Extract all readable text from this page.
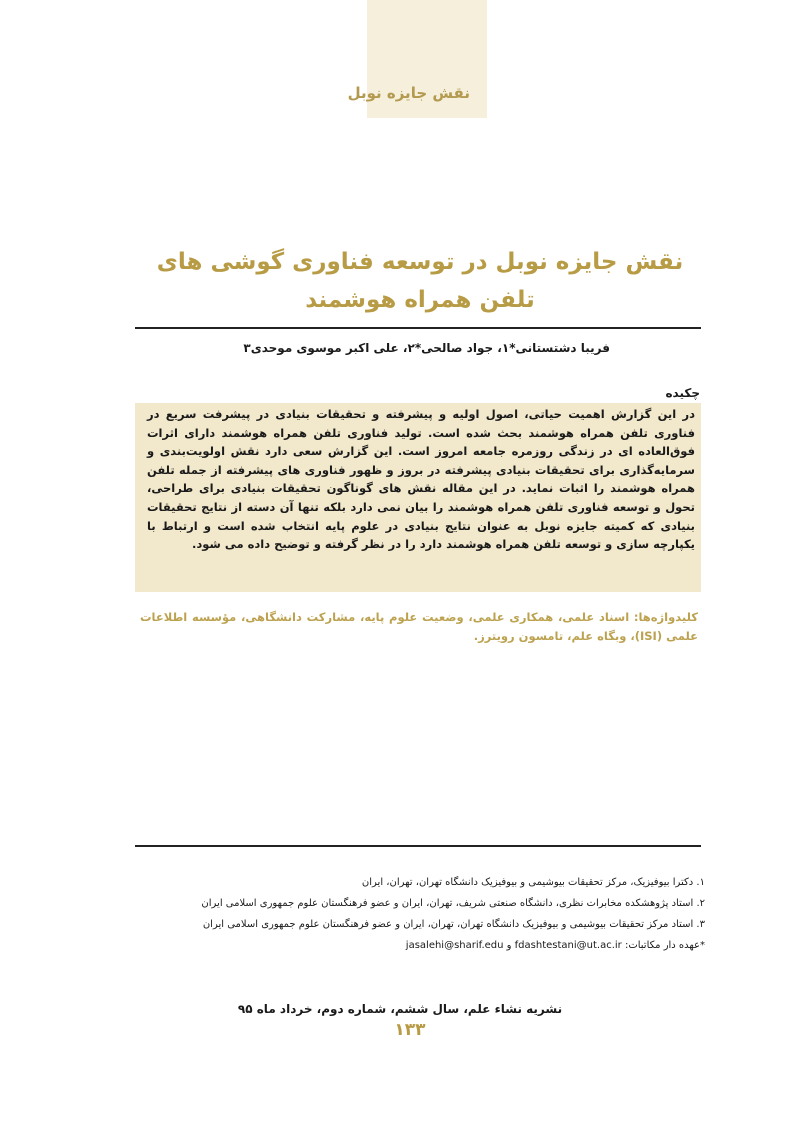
نقش جایزه نوبل
نقش جایزه نوبل در توسعه فناوری گوشی های
تلفن همراه هوشمند
فریبا دشتستانی*۱، جواد صالحی*۲، علی اکبر موسوی موحدی۳
چکیده
در این گزارش اهمیت حیاتی، اصول اولیه و پیشرفته و تحقیقات بنیادی در پیشرفت سریع در فناوری تلفن همراه هوشمند بحث شده است. تولید فناوری تلفن همراه هوشمند دارای اثرات فوق‌العاده ای در زندگی روزمره جامعه امروز است. این گزارش سعی دارد نقش اولویت‌بندی و سرمایه‌گذاری برای تحقیقات بنیادی پیشرفته در بروز و ظهور فناوری های پیشرفته از جمله تلفن همراه هوشمند را اثبات نماید. در این مقاله نقش های گوناگون تحقیقات بنیادی برای طراحی، تحول و توسعه فناوری تلفن همراه هوشمند را بیان نمی دارد بلکه تنها آن دسته از نتایج تحقیقات بنیادی که کمیته جایزه نوبل به عنوان نتایج بنیادی در علوم پایه انتخاب شده است و ارتباط با یکپارچه سازی و توسعه تلفن همراه هوشمند دارد را در نظر گرفته و توضیح داده می شود.
کلیدواژه‌ها: اسناد علمی، همکاری علمی، وضعیت علوم پایه، مشارکت دانشگاهی، مؤسسه اطلاعات علمی (ISI)، وبگاه علم، تامسون رویترز.
۱. دکترا بیوفیزیک، مرکز تحقیقات بیوشیمی و بیوفیزیک دانشگاه تهران، تهران، ایران
۲. استاد پژوهشکده مخابرات نظری، دانشگاه صنعتی شریف، تهران، ایران و عضو فرهنگستان علوم جمهوری اسلامی ایران
۳. استاد مرکز تحقیقات بیوشیمی و بیوفیزیک دانشگاه تهران، تهران، ایران و عضو فرهنگستان علوم جمهوری اسلامی ایران
*عهده دار مکاتبات: fdashtestani@ut.ac.ir و jasalehi@sharif.edu
نشریه نشاء علم، سال ششم، شماره دوم، خرداد ماه ۹۵
۱۳۳
